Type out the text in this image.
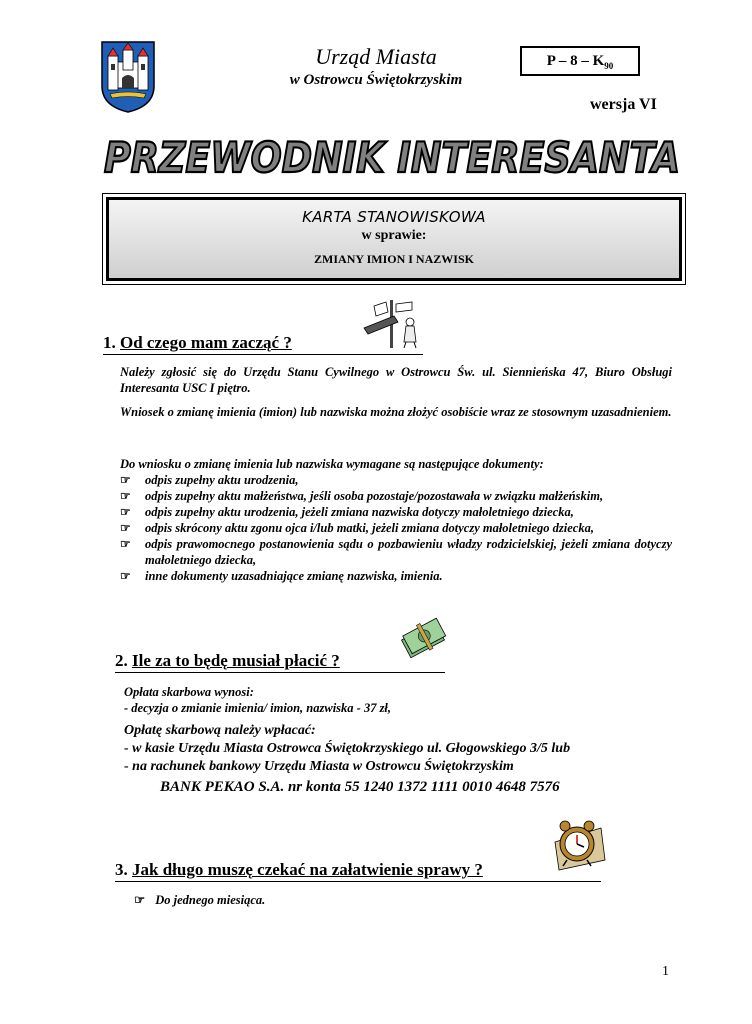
Urząd Miasta
w Ostrowcu Świętokrzyskim
P – $8 - K_{90}$
wersja VI
PRZEWODNIK INTERESANTA
KARTA STANOWISKOWA
w sprawie:
ZMIANY IMION I NAZWISK
1. Od czego mam zacząć ?
Należy zgłosić się do Urzędu Stanu Cywilnego w Ostrowcu Św. ul. Siennieńska 47, Biuro Obsługi Interesanta USC I piętro.
Wniosek o zmianę imienia (imion) lub nazwiska można złożyć osobiście wraz ze stosownym uzasadnieniem.
Do wniosku o zmianę imienia lub nazwiska wymagane są następujące dokumenty:
☞ odpis zupełny aktu urodzenia,
☞ odpis zupełny aktu małżeństwa, jeśli osoba pozostaje/pozostawała w związku małżeńskim,
☞ odpis zupełny aktu urodzenia, jeżeli zmiana nazwiska dotyczy małoletniego dziecka,
☞ odpis skrócony aktu zgonu ojca i/lub matki, jeżeli zmiana dotyczy małoletniego dziecka,
☞ odpis prawomocnego postanowienia sądu o pozbawieniu władzy rodzicielskiej, jeżeli zmiana dotyczy małoletniego dziecka,
☞ inne dokumenty uzasadniające zmianę nazwiska, imienia.
2. Ile za to będę musiał płacić ?
Opłata skarbowa wynosi:
- decyzja o zmianie imienia/ imion, nazwiska - 37 zł,
Opłatę skarbową należy wpłacać:
- w kasie Urzędu Miasta Ostrowca Świętokrzyskiego ul. Głogowskiego 3/5 lub
- na rachunek bankowy Urzędu Miasta w Ostrowcu Świętokrzyskim
BANK PEKAO S.A. nr konta 55 1240 1372 1111 0010 4648 7576
3. Jak długo muszę czekać na załatwienie sprawy ?
☞ Do jednego miesiąca.
1
